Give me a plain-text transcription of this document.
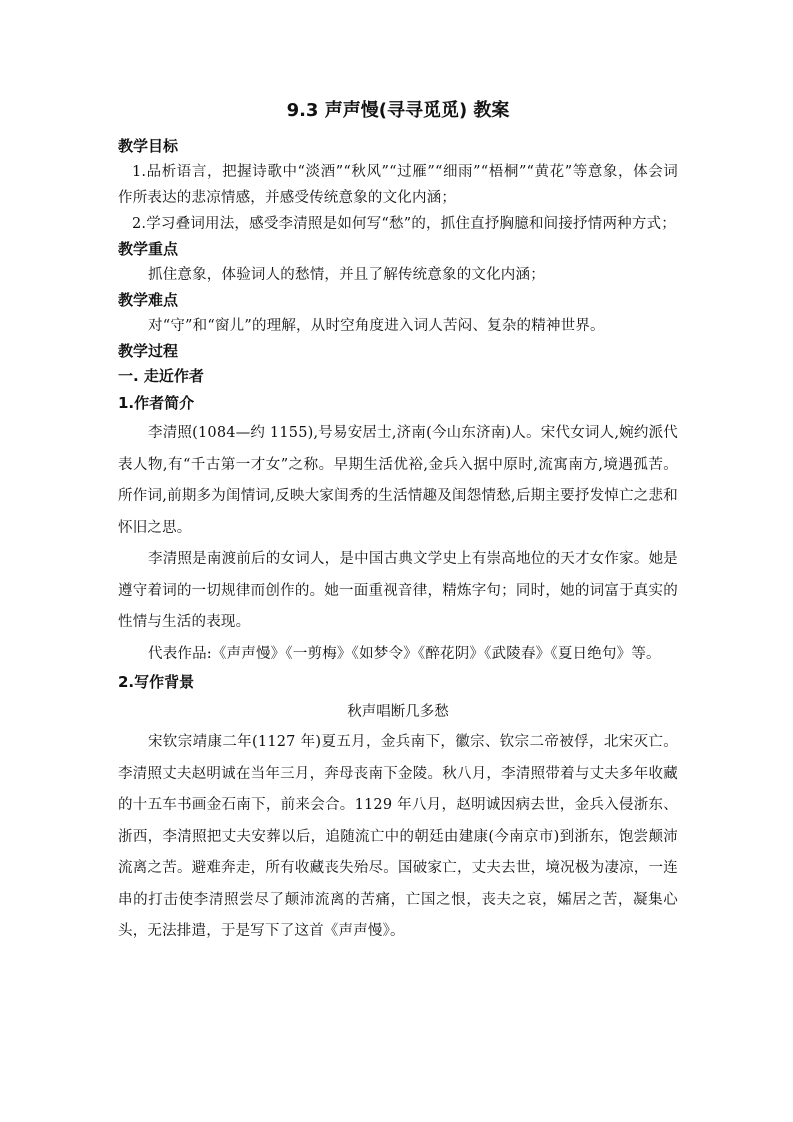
9.3 声声慢(寻寻觅觅) 教案
教学目标

1.品析语言，把握诗歌中“淡酒”“秋风”“过雁”“细雨”“梧桐”“黄花”等意象，体会词作所表达的悲凉情感，并感受传统意象的文化内涵；

2.学习叠词用法，感受李清照是如何写“愁”的，抓住直抒胸臆和间接抒情两种方式；

教学重点

抓住意象，体验词人的愁情，并且了解传统意象的文化内涵；

教学难点

对“守”和“窗儿”的理解，从时空角度进入词人苦闷、复杂的精神世界。

教学过程
一. 走近作者
1.作者简介

李清照(1084—约 1155),号易安居士,济南(今山东济南)人。宋代女词人,婉约派代表人物,有“千古第一才女”之称。早期生活优裕,金兵入据中原时,流寓南方,境遇孤苦。所作词,前期多为闺情词,反映大家闺秀的生活情趣及闺怨情愁,后期主要抒发悼亡之悲和怀旧之思。

李清照是南渡前后的女词人，是中国古典文学史上有崇高地位的天才女作家。她是遵守着词的一切规律而创作的。她一面重视音律，精炼字句；同时，她的词富于真实的性情与生活的表现。

代表作品:《声声慢》《一剪梅》《如梦令》《醉花阴》《武陵春》《夏日绝句》等。

2.写作背景
秋声唱断几多愁

宋钦宗靖康二年(1127 年)夏五月，金兵南下，徽宗、钦宗二帝被俘，北宋灭亡。李清照丈夫赵明诚在当年三月，奔母丧南下金陵。秋八月，李清照带着与丈夫多年收藏的十五车书画金石南下，前来会合。1129 年八月，赵明诚因病去世，金兵入侵浙东、浙西，李清照把丈夫安葬以后，追随流亡中的朝廷由建康(今南京市)到浙东，饱尝颠沛流离之苦。避难奔走，所有收藏丧失殆尽。国破家亡，丈夫去世，境况极为凄凉，一连串的打击使李清照尝尽了颠沛流离的苦痛，亡国之恨，丧夫之哀，孀居之苦，凝集心头，无法排遣，于是写下了这首《声声慢》。
